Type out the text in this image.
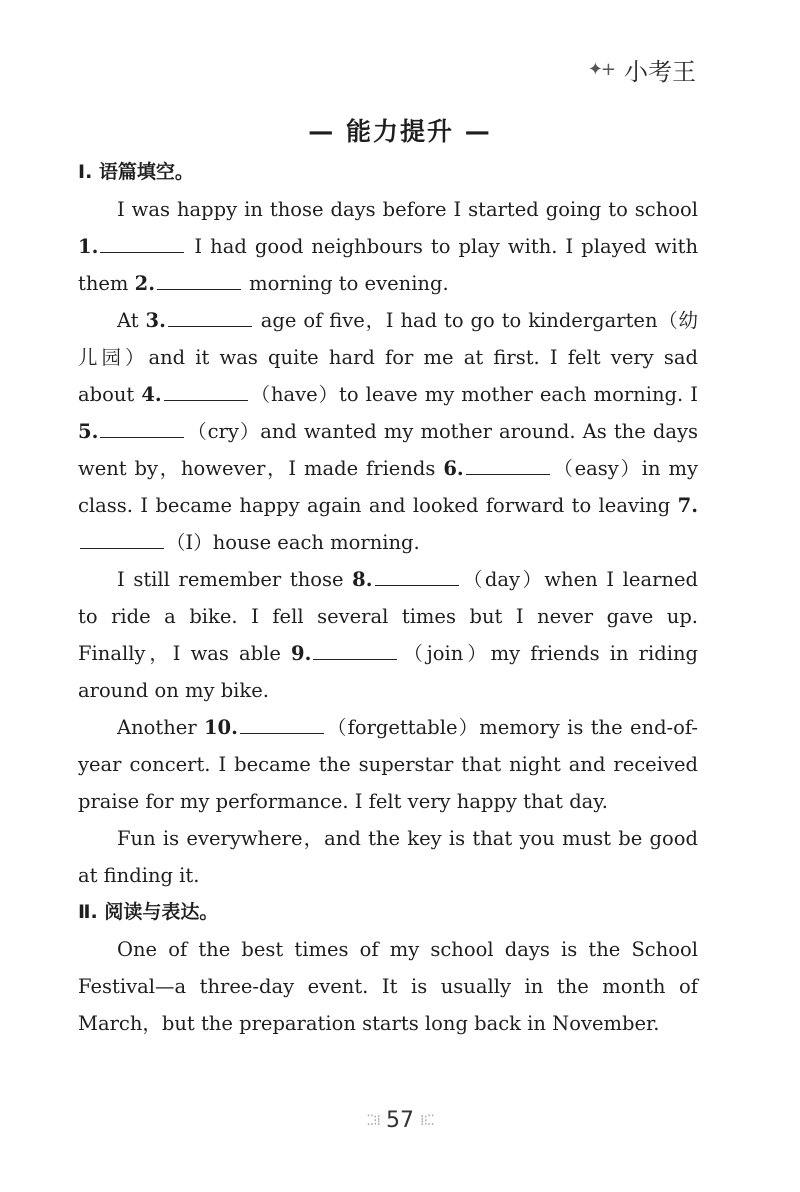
✦+ 小考王
— 能力提升 —

Ⅰ. 语篇填空。

I was happy in those days before I started going to school 1.	I had good neighbours to play with. I played with them 2.	morning to evening.

At 3.	age of five，I had to go to kindergarten（幼儿园）and it was quite hard for me at first. I felt very sad about 4.	（have）to leave my mother each morning. I 5.	（cry）and wanted my mother around. As the days went by，however，I made friends 6.	（easy）in my class. I became happy again and looked forward to leaving 7.（I）house each morning.

I still remember those 8.	（day）when I learned to ride a bike. I fell several times but I never gave up. Finally，I was able 9.	（join）my friends in riding around on my bike.

Another 10.	（forgettable）memory is the end-of-year concert. I became the superstar that night and received praise for my performance. I felt very happy that day.

Fun is everywhere，and the key is that you must be good at finding it.

Ⅱ. 阅读与表达。

One of the best times of my school days is the School Festival—a three-day event. It is usually in the month of March，but the preparation starts long back in November.

⁚⁚⁝⁞ 57 ⁞⁝⁚⁚
